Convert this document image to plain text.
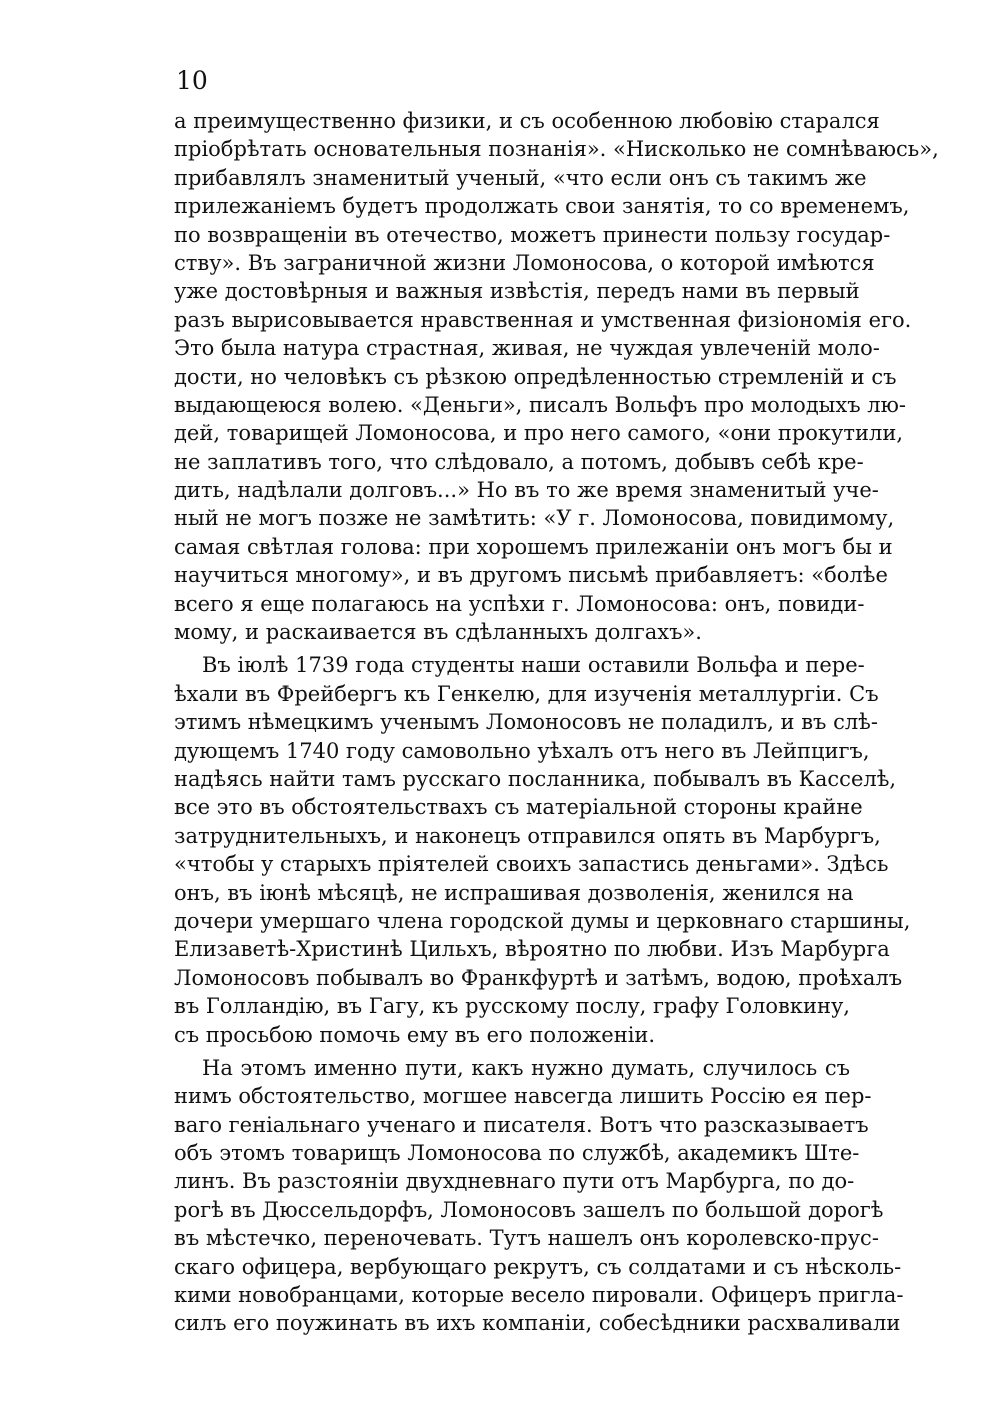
10
а преимущественно физики, и съ особенною любовію старался
пріобрѣтать основательныя познанія». «Нисколько не сомнѣваюсь»,
прибавлялъ знаменитый ученый, «что если онъ съ такимъ же
прилежаніемъ будетъ продолжать свои занятія, то со временемъ,
по возвращеніи въ отечество, можетъ принести пользу государ-
ству». Въ заграничной жизни Ломоносова, о которой имѣются
уже достовѣрныя и важныя извѣстія, передъ нами въ первый
разъ вырисовывается нравственная и умственная физіономія его.
Это была натура страстная, живая, не чуждая увлеченій моло-
дости, но человѣкъ съ рѣзкою опредѣленностью стремленій и съ
выдающеюся волею. «Деньги», писалъ Вольфъ про молодыхъ лю-
дей, товарищей Ломоносова, и про него самого, «они прокутили,
не заплативъ того, что слѣдовало, а потомъ, добывъ себѣ кре-
дить, надѣлали долговъ...» Но въ то же время знаменитый уче-
ный не могъ позже не замѣтить: «У г. Ломоносова, повидимому,
самая свѣтлая голова: при хорошемъ прилежаніи онъ могъ бы и
научиться многому», и въ другомъ письмѣ прибавляетъ: «болѣе
всего я еще полагаюсь на успѣхи г. Ломоносова: онъ, повиди-
мому, и раскаивается въ сдѣланныхъ долгахъ».
Въ іюлѣ 1739 года студенты наши оставили Вольфа и пере-
ѣхали въ Фрейбергъ къ Генкелю, для изученія металлургіи. Съ
этимъ нѣмецкимъ ученымъ Ломоносовъ не поладилъ, и въ слѣ-
дующемъ 1740 году самовольно уѣхалъ отъ него въ Лейпцигъ,
надѣясь найти тамъ русскаго посланника, побывалъ въ Касселѣ,
все это въ обстоятельствахъ съ матеріальной стороны крайне
затруднительныхъ, и наконецъ отправился опять въ Марбургъ,
«чтобы у старыхъ пріятелей своихъ запастись деньгами». Здѣсь
онъ, въ іюнѣ мѣсяцѣ, не испрашивая дозволенія, женился на
дочери умершаго члена городской думы и церковнаго старшины,
Елизаветѣ-Христинѣ Цильхъ, вѣроятно по любви. Изъ Марбурга
Ломоносовъ побывалъ во Франкфуртѣ и затѣмъ, водою, проѣхалъ
въ Голландію, въ Гагу, къ русскому послу, графу Головкину,
съ просьбою помочь ему въ его положеніи.
На этомъ именно пути, какъ нужно думать, случилось съ
нимъ обстоятельство, могшее навсегда лишить Россію ея пер-
ваго геніальнаго ученаго и писателя. Вотъ что разсказываетъ
объ этомъ товарищъ Ломоносова по службѣ, академикъ Ште-
линъ. Въ разстояніи двухдневнаго пути отъ Марбурга, по до-
рогѣ въ Дюссельдорфъ, Ломоносовъ зашелъ по большой дорогѣ
въ мѣстечко, переночевать. Тутъ нашелъ онъ королевско-прус-
скаго офицера, вербующаго рекрутъ, съ солдатами и съ нѣсколь-
кими новобранцами, которые весело пировали. Офицеръ пригла-
силъ его поужинать въ ихъ компаніи, собесѣдники расхваливали
